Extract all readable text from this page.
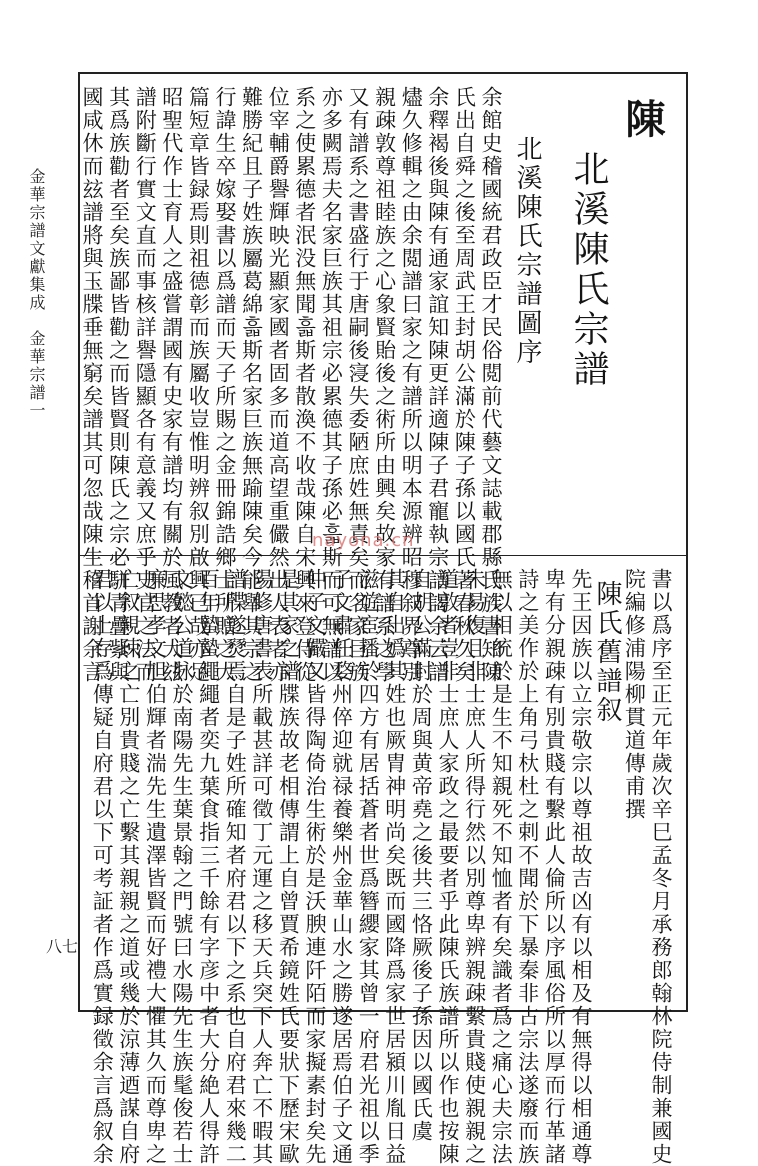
金華宗譜文獻集成　金華宗譜一
八七
陳
北溪陳氏宗譜
北溪陳氏宗譜圖序
余館史稽國統君政臣才民俗閲前代藝文誌載郡縣氏族書知陳
氏出自舜之後至周武王封胡公滿於陳子孫以國氏著春秋久矣
余釋褐後與陳有通家誼知陳更詳適陳子君寵執宗譜謁余云譜
燼久修輯之由余閲譜曰家之有譜所以明本源辨昭穆叙界尊別
親疎敦尊祖睦族之心象賢貽後之術所由興矣故家有譜系之學
又有譜系之書盛行于唐嗣後寖失委陋庶姓無責矣而名家巨族
亦多闕焉夫名家巨族其祖宗必累德其子孫必흛斯而可無譜以
系之使累德者泯没無聞흛斯者散渙不收哉陳自宋興來登侍從
位宰輔爵譽輝映光顯家國者固多而道高望重儼然出人表者亦
難勝紀且子姓族屬葛綿흛斯名家巨族無踰陳矣今能舉其宗之
行諱生卒嫁娶書以爲譜而天子所賜之金冊錦誥鄉士所贈之大
篇短章皆録焉則祖德彰而族屬收豈惟明辨叙別啟興已哉亦足
昭聖代作士育人之盛嘗謂國有史家有譜均有關於風教者大玆
譜附斷行實文直而事核詳譽隱顯各有意義又庶乎史官之法而
其爲族勸者至矣族鄙皆勸之而皆賢則陳氏之宗必駢青疊紫與
國咸休而玆譜將與玉牒垂無窮矣譜其可忽哉陳生稽首謝余言
書以爲序至正元年歲次辛巳孟冬月承務郎翰林院侍制兼國史
院編修浦陽柳貫道傳甫撰
陳氏舊譜叙
先王因族以立宗敬宗以尊祖故吉凶有以相及有無得以相通尊
卑有分親疎有別貴賤有繫此人倫所以序風俗所以厚而行革諸
詩之美作於上角弓杕杜之剌不聞於下暴秦非古宗法遂廢而族
無以相統於是生不知親死不知恤者有矣識者爲之痛心夫宗法
未易復且非士庶人所得行然以別尊卑辨親疎繫貴賤使親親之
道敦者豈非士庶人家政之最要者乎此陳氏族譜所以作也按陳
自胡公滿封於周與黄帝堯之後共三恪厥後子孫因以國氏虞
其自出嬀其姓也厥胄神明尚矣既而國降爲家世居潁川胤日益
滋遊宦播於四方有居括蒼者世爲簪纓家其曾一府君光祖以季
子文肅任婺州倅迎就禄養樂州金華山水之勝遂居焉伯子文通
仲子文儼又皆得陶倚治生術於是沃腴連阡陌而家擬素封矣先
是其家之譜牒族故老相傳謂上自曾賈希鏡姓氏要狀下歷宋歐
陽修唐書表所載甚詳可徵丁元運之移天兵突下人奔亡不暇其
譜牒遂燹焉自是子姓所確知者府君以下之系也自府君來幾二
百年蟄蟄繩繩者奕九葉食指三千餘有字彦中者大分絶人得許
文懿公道脉於南陽先生葉景翰之門號曰水陽先生族髦俊若士
廉思孝文旭伯輝者湍先生遺澤皆賢而好禮大懼其久而尊卑之
亡叙親疎之亡別貴賤之亡繫其親親之道或幾於涼薄迺謀自府
君以上存爲傳疑自府君以下可考証者作爲實録徵余言爲叙余
nayona.cn
